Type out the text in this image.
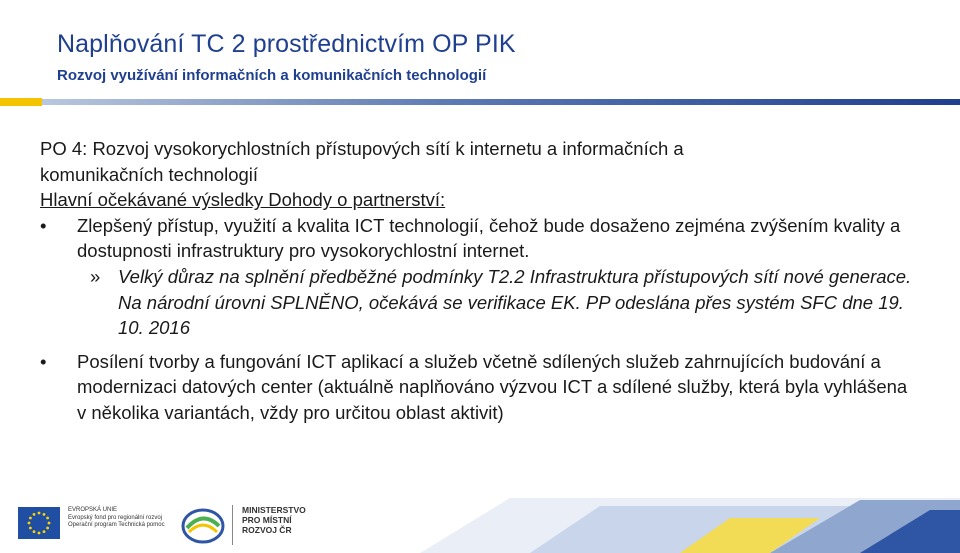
Naplňování TC 2 prostřednictvím OP PIK
Rozvoj využívání informačních a komunikačních technologií

PO 4: Rozvoj vysokorychlostních přístupových sítí k internetu a informačních a

komunikačních technologií

Hlavní očekávané výsledky Dohody o partnerství:

• Zlepšený přístup, využití a kvalita ICT technologií, čehož bude dosaženo zejména zvýšením kvality a dostupnosti infrastruktury pro vysokorychlostní internet.

» Velký důraz na splnění předběžné podmínky T2.2 Infrastruktura přístupových sítí nové generace. Na národní úrovni SPLNĚNO, očekává se verifikace EK. PP odeslána přes systém SFC dne 19. 10. 2016

• Posílení tvorby a fungování ICT aplikací a služeb včetně sdílených služeb zahrnujících budování a modernizaci datových center (aktuálně naplňováno výzvou ICT a sdílené služby, která byla vyhlášena v několika variantách, vždy pro určitou oblast aktivit)

EVROPSKÁ UNIE
Evropský fond pro regionální rozvoj
Operační program Technická pomoc
MINISTERSTVO
PRO MÍSTNÍ
ROZVOJ ČR
